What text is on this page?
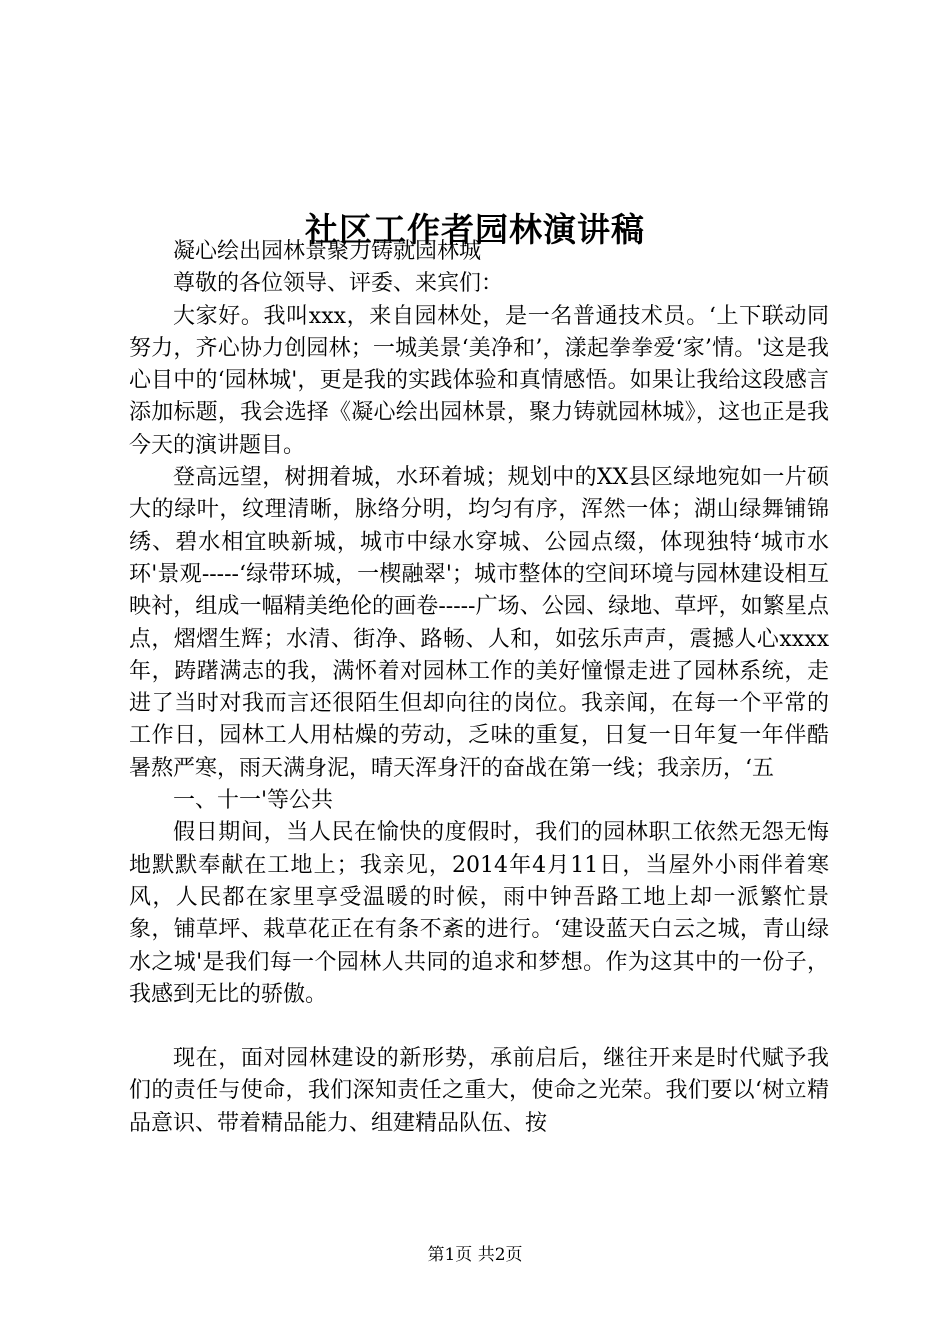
社区工作者园林演讲稿

凝心绘出园林景聚力铸就园林城

尊敬的各位领导、评委、来宾们：

大家好。我叫xxx，来自园林处，是一名普通技术员。‘上下联动同努力，齐心协力创园林；一城美景‘美净和’，漾起拳拳爱‘家’情。'这是我心目中的‘园林城'，更是我的实践体验和真情感悟。如果让我给这段感言添加标题，我会选择《凝心绘出园林景，聚力铸就园林城》，这也正是我今天的演讲题目。

登高远望，树拥着城，水环着城；规划中的XX县区绿地宛如一片硕大的绿叶，纹理清晰，脉络分明，均匀有序，浑然一体；湖山绿舞铺锦绣、碧水相宜映新城，城市中绿水穿城、公园点缀，体现独特‘城市水环'景观-----‘绿带环城，一楔融翠'；城市整体的空间环境与园林建设相互映衬，组成一幅精美绝伦的画卷-----广场、公园、绿地、草坪，如繁星点点，熠熠生辉；水清、街净、路畅、人和，如弦乐声声，震撼人心xxxx年，踌躇满志的我，满怀着对园林工作的美好憧憬走进了园林系统，走进了当时对我而言还很陌生但却向往的岗位。我亲闻，在每一个平常的工作日，园林工人用枯燥的劳动，乏味的重复，日复一日年复一年伴酷暑熬严寒，雨天满身泥，晴天浑身汗的奋战在第一线；我亲历，‘五

一、十一'等公共

假日期间，当人民在愉快的度假时，我们的园林职工依然无怨无悔地默默奉献在工地上；我亲见，2014年4月11日，当屋外小雨伴着寒风，人民都在家里享受温暖的时候，雨中钟吾路工地上却一派繁忙景象，铺草坪、栽草花正在有条不紊的进行。‘建设蓝天白云之城，青山绿水之城'是我们每一个园林人共同的追求和梦想。作为这其中的一份子，我感到无比的骄傲。

现在，面对园林建设的新形势，承前启后，继往开来是时代赋予我们的责任与使命，我们深知责任之重大，使命之光荣。我们要以‘树立精品意识、带着精品能力、组建精品队伍、按

第1页 共2页
